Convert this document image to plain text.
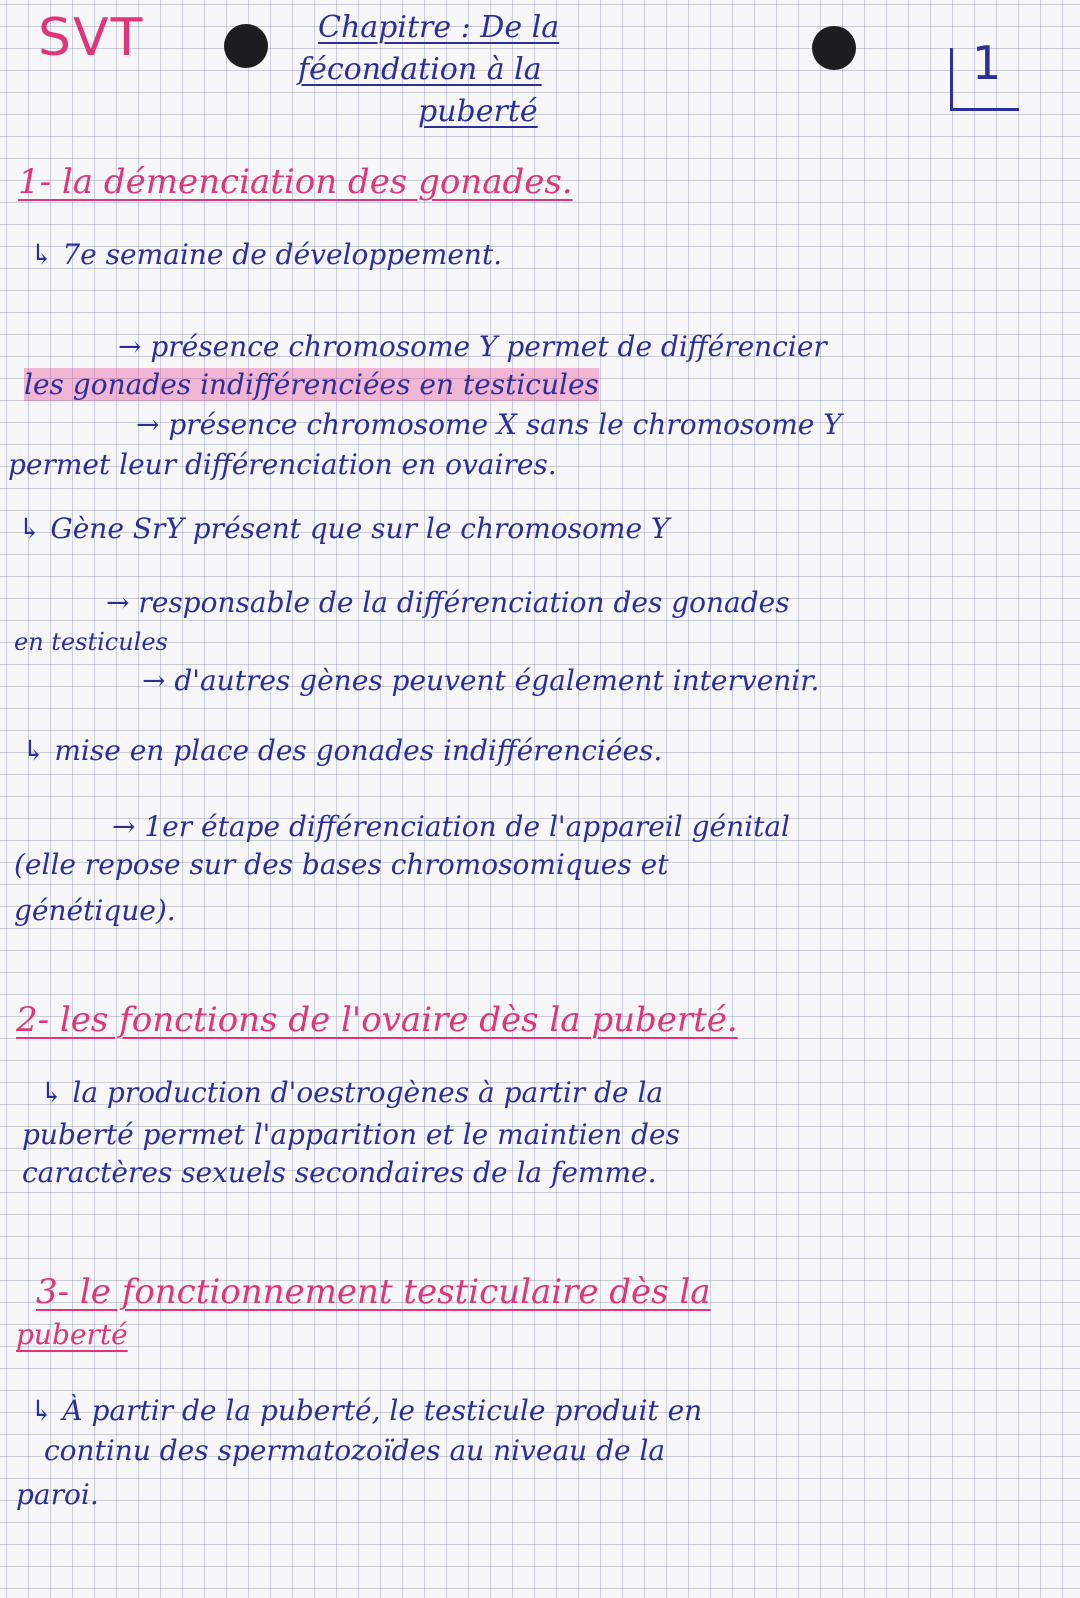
SVT	Chapitre : De la
fécondation à la
puberté
1
1- la démenciation des gonades.
↳ 7e semaine de développement.
→ présence chromosome Y permet de différencier
les gonades indifférenciées en testicules
→ présence chromosome X sans le chromosome Y
permet leur différenciation en ovaires.
↳ Gène SrY présent que sur le chromosome Y
→ responsable de la différenciation des gonades
en testicules
→ d'autres gènes peuvent également intervenir.
↳ mise en place des gonades indifférenciées.
→ 1er étape différenciation de l'appareil génital
(elle repose sur des bases chromosomiques et
génétique).
2- les fonctions de l'ovaire dès la puberté.
↳ la production d'oestrogènes à partir de la
puberté permet l'apparition et le maintien des
caractères sexuels secondaires de la femme.
3- le fonctionnement testiculaire dès la
puberté
↳ À partir de la puberté, le testicule produit en
continu des spermatozoïdes au niveau de la
paroi.
